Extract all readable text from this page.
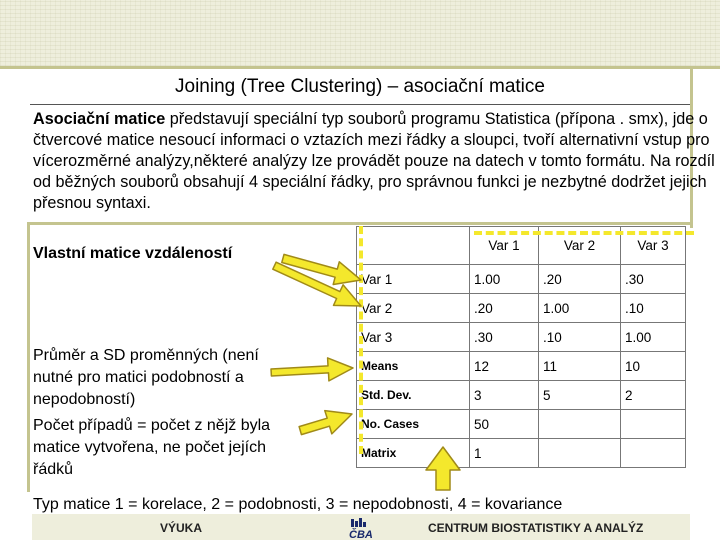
Joining (Tree Clustering) – asociační matice
Asociační matice představují speciální typ souborů programu Statistica (přípona . smx), jde o čtvercové matice nesoucí informaci o vztazích mezi řádky a sloupci, tvoří alternativní vstup pro vícerozměrné analýzy,některé analýzy lze provádět pouze na datech v tomto formátu. Na rozdíl od běžných souborů obsahují 4 speciální řádky, pro správnou funkci je nezbytné dodržet jejich přesnou syntaxi.
Vlastní matice vzdáleností
Průměr a SD proměnných (není nutné pro matici podobností a nepodobností)
Počet případů = počet z nějž byla matice vytvořena, ne počet jejích řádků
	Var 1	Var 2	Var 3
Var 1	1.00	.20	.30
Var 2	.20	1.00	.10
Var 3	.30	.10	1.00
Means	12	11	10
Std. Dev.	3	5	2
No. Cases	50		
Matrix	1		
Typ matice 1 = korelace, 2 = podobnosti, 3 = nepodobnosti, 4 = kovariance
VÝUKA	ČBA	CENTRUM BIOSTATISTIKY A ANALÝZ
